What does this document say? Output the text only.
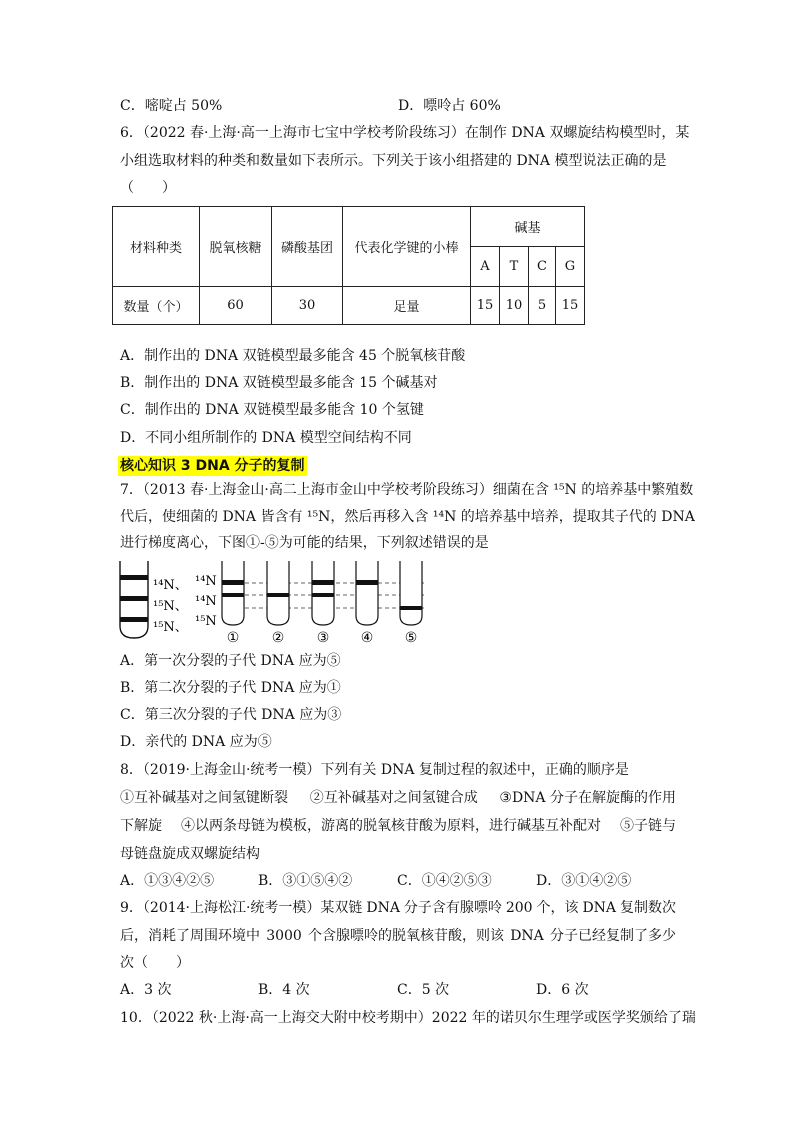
C．嘧啶占 50%	D．嘌呤占 60%
6．（2022 春·上海·高一上海市七宝中学校考阶段练习）在制作 DNA 双螺旋结构模型时，某
小组选取材料的种类和数量如下表所示。下列关于该小组搭建的 DNA 模型说法正确的是
（　　）
材料种类	脱氧核糖	磷酸基团	代表化学键的小棒	碱基			
				A	T	C	G
数量（个）	60	30	足量	15	10	5	15
A．制作出的 DNA 双链模型最多能含 45 个脱氧核苷酸
B．制作出的 DNA 双链模型最多能含 15 个碱基对
C．制作出的 DNA 双链模型最多能含 10 个氢键
D．不同小组所制作的 DNA 模型空间结构不同
核心知识 3 DNA 分子的复制
7．（2013 春·上海金山·高二上海市金山中学校考阶段练习）细菌在含 ¹⁵N 的培养基中繁殖数
代后，使细菌的 DNA 皆含有 ¹⁵N，然后再移入含 ¹⁴N 的培养基中培养，提取其子代的 DNA
进行梯度离心，下图①-⑤为可能的结果，下列叙述错误的是
¹⁴N、
¹⁵N、
¹⁵N、
¹⁴N
¹⁴N
¹⁵N
① ② ③ ④ ⑤
A．第一次分裂的子代 DNA 应为⑤
B．第二次分裂的子代 DNA 应为①
C．第三次分裂的子代 DNA 应为③
D．亲代的 DNA 应为⑤
8．（2019·上海金山·统考一模）下列有关 DNA 复制过程的叙述中，正确的顺序是
①互补碱基对之间氢键断裂 ②互补碱基对之间氢键合成 ③DNA 分子在解旋酶的作用
下解旋 ④以两条母链为模板，游离的脱氧核苷酸为原料，进行碱基互补配对 ⑤子链与
母链盘旋成双螺旋结构
A．①③④②⑤	B．③①⑤④②	C．①④②⑤③	D．③①④②⑤
9．（2014·上海松江·统考一模）某双链 DNA 分子含有腺嘌呤 200 个，该 DNA 复制数次
后，消耗了周围环境中 3000 个含腺嘌呤的脱氧核苷酸，则该 DNA 分子已经复制了多少
次（　　）
A．3 次	B．4 次	C．5 次	D．6 次
10．（2022 秋·上海·高一上海交大附中校考期中）2022 年的诺贝尔生理学或医学奖颁给了瑞
